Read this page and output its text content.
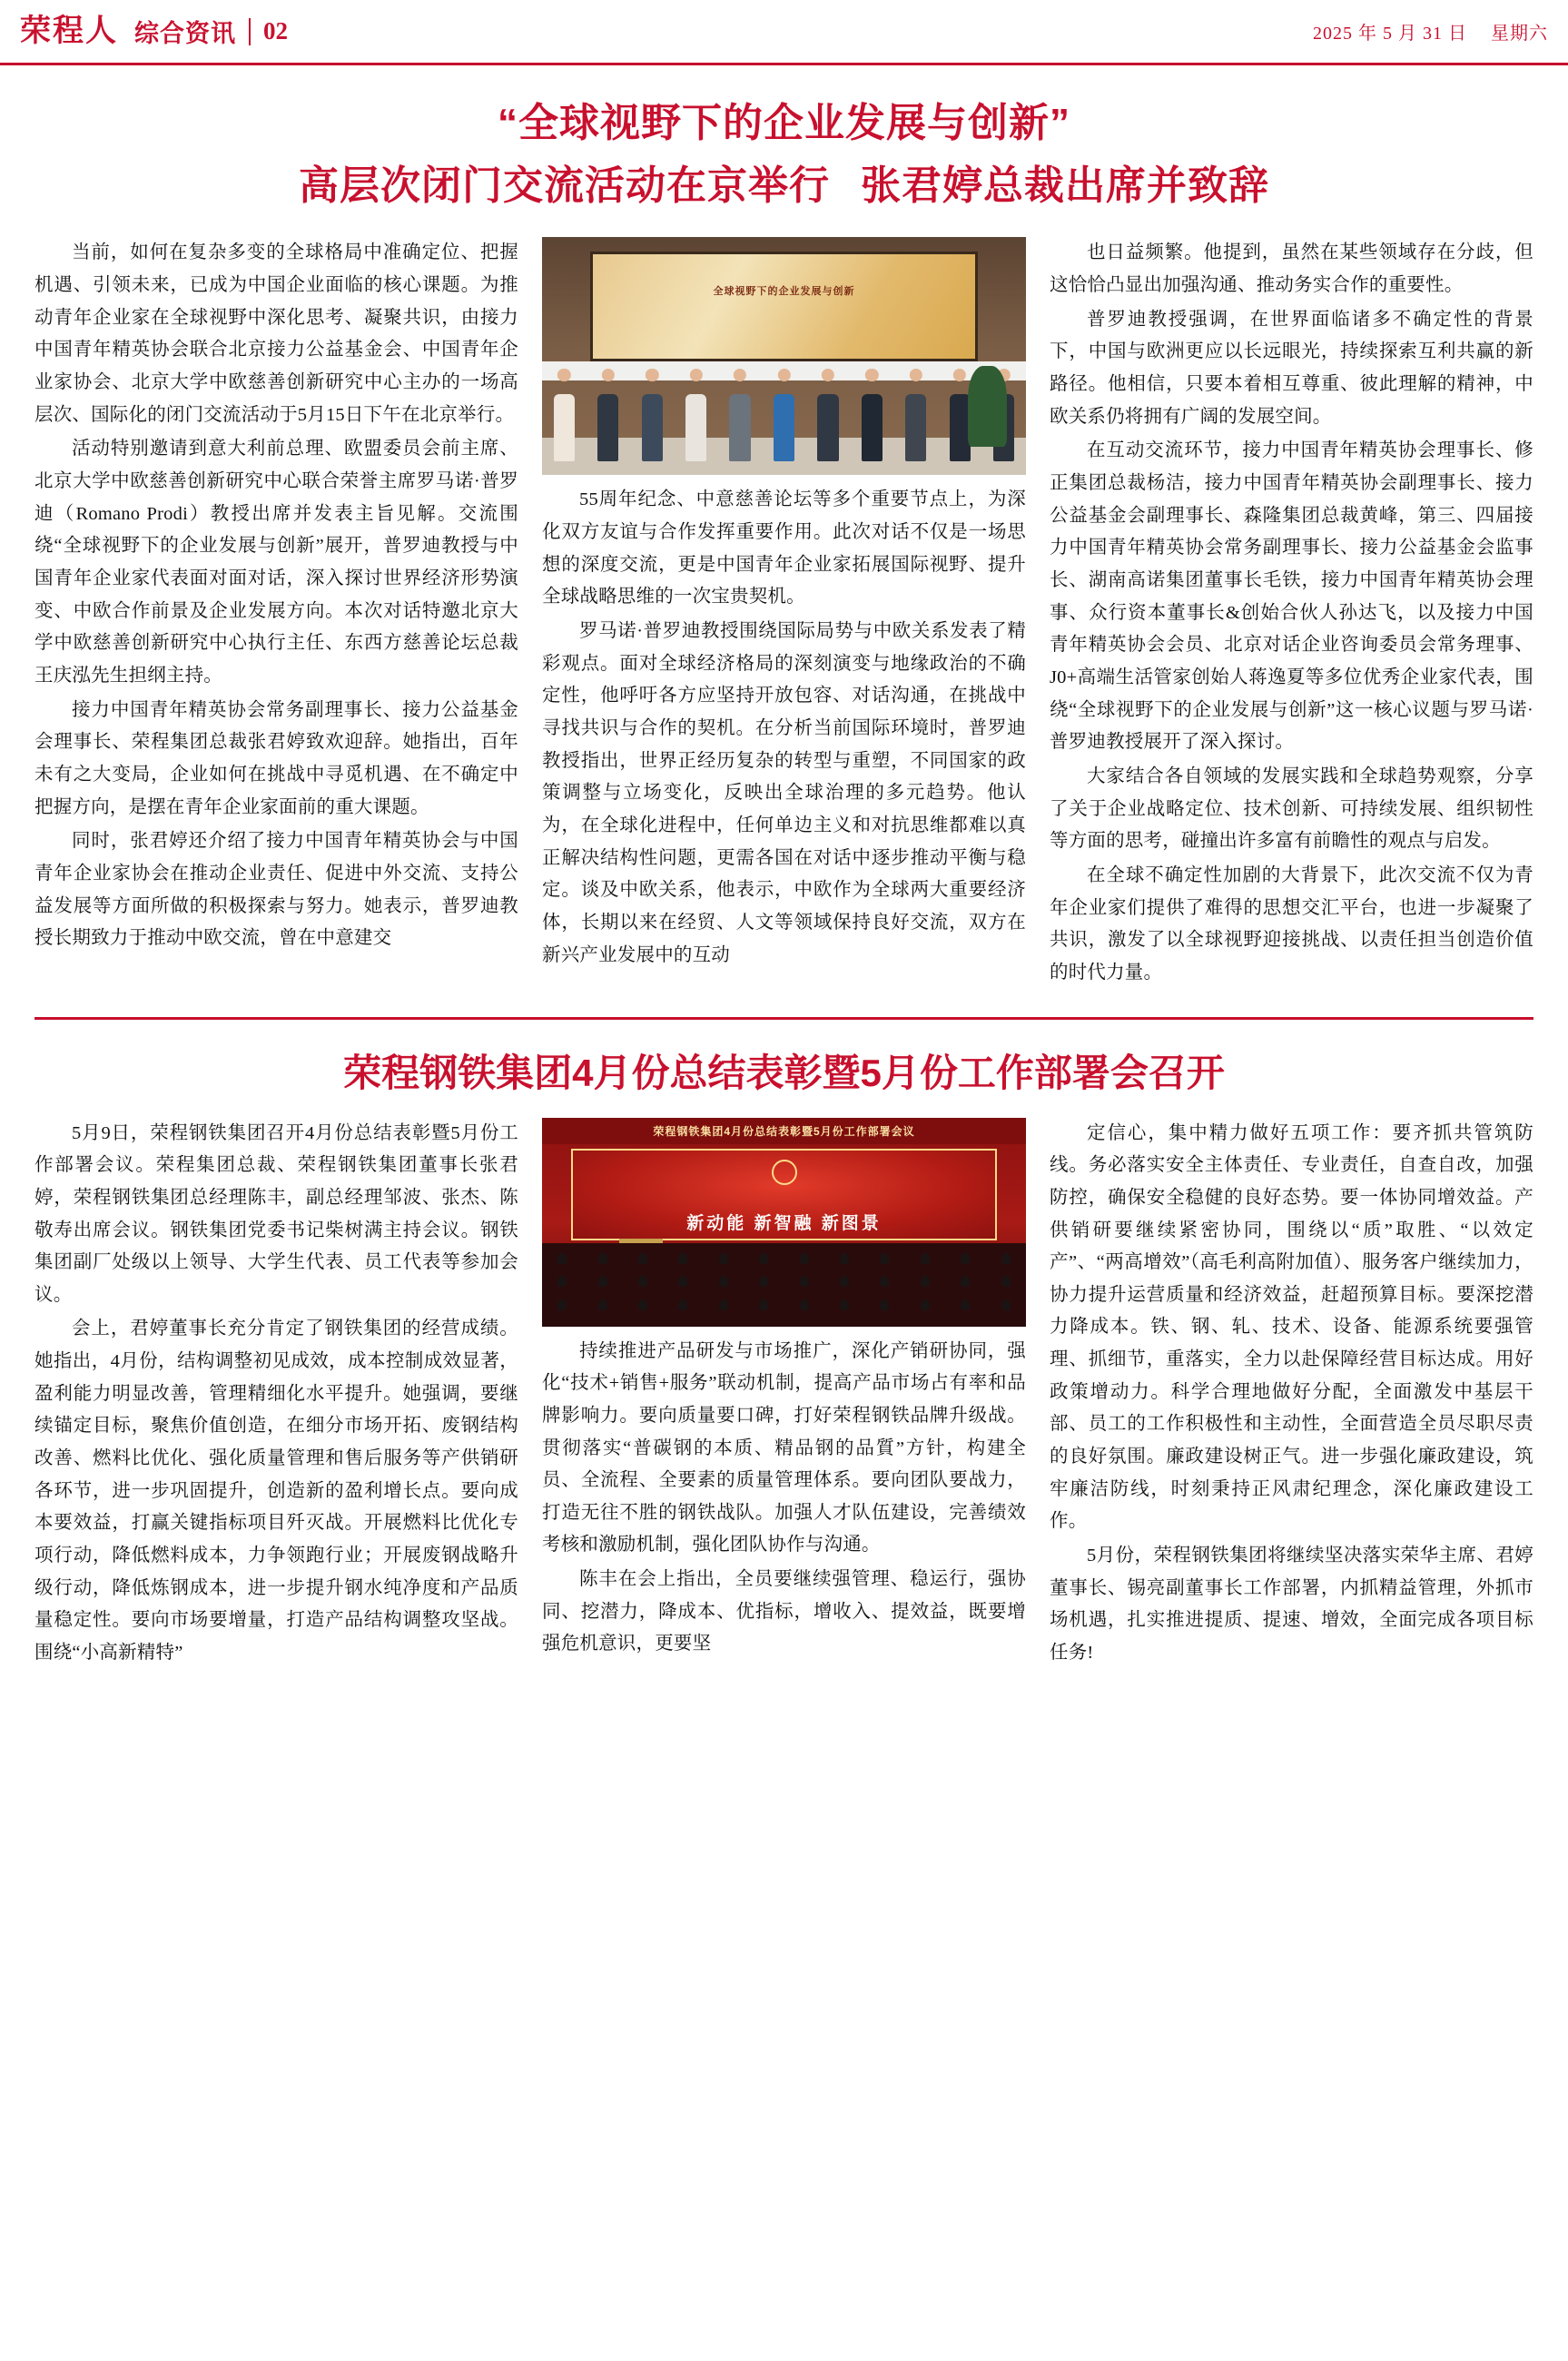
荣程人 综合资讯 02	2025 年 5 月 31 日 星期六
“全球视野下的企业发展与创新”
高层次闭门交流活动在京举行 张君婷总裁出席并致辞

当前，如何在复杂多变的全球格局中准确定位、把握机遇、引领未来，已成为中国企业面临的核心课题。为推动青年企业家在全球视野中深化思考、凝聚共识，由接力中国青年精英协会联合北京接力公益基金会、中国青年企业家协会、北京大学中欧慈善创新研究中心主办的一场高层次、国际化的闭门交流活动于5月15日下午在北京举行。

活动特别邀请到意大利前总理、欧盟委员会前主席、北京大学中欧慈善创新研究中心联合荣誉主席罗马诺·普罗迪（Romano Prodi）教授出席并发表主旨见解。交流围绕“全球视野下的企业发展与创新”展开，普罗迪教授与中国青年企业家代表面对面对话，深入探讨世界经济形势演变、中欧合作前景及企业发展方向。本次对话特邀北京大学中欧慈善创新研究中心执行主任、东西方慈善论坛总裁王庆泓先生担纲主持。

接力中国青年精英协会常务副理事长、接力公益基金会理事长、荣程集团总裁张君婷致欢迎辞。她指出，百年未有之大变局，企业如何在挑战中寻觅机遇、在不确定中把握方向，是摆在青年企业家面前的重大课题。

同时，张君婷还介绍了接力中国青年精英协会与中国青年企业家协会在推动企业责任、促进中外交流、支持公益发展等方面所做的积极探索与努力。她表示，普罗迪教授长期致力于推动中欧交流，曾在中意建交

全球视野下的企业发展与创新

55周年纪念、中意慈善论坛等多个重要节点上，为深化双方友谊与合作发挥重要作用。此次对话不仅是一场思想的深度交流，更是中国青年企业家拓展国际视野、提升全球战略思维的一次宝贵契机。

罗马诺·普罗迪教授围绕国际局势与中欧关系发表了精彩观点。面对全球经济格局的深刻演变与地缘政治的不确定性，他呼吁各方应坚持开放包容、对话沟通，在挑战中寻找共识与合作的契机。在分析当前国际环境时，普罗迪教授指出，世界正经历复杂的转型与重塑，不同国家的政策调整与立场变化，反映出全球治理的多元趋势。他认为，在全球化进程中，任何单边主义和对抗思维都难以真正解决结构性问题，更需各国在对话中逐步推动平衡与稳定。谈及中欧关系，他表示，中欧作为全球两大重要经济体，长期以来在经贸、人文等领域保持良好交流，双方在新兴产业发展中的互动

也日益频繁。他提到，虽然在某些领域存在分歧，但这恰恰凸显出加强沟通、推动务实合作的重要性。

普罗迪教授强调，在世界面临诸多不确定性的背景下，中国与欧洲更应以长远眼光，持续探索互利共赢的新路径。他相信，只要本着相互尊重、彼此理解的精神，中欧关系仍将拥有广阔的发展空间。

在互动交流环节，接力中国青年精英协会理事长、修正集团总裁杨洁，接力中国青年精英协会副理事长、接力公益基金会副理事长、森隆集团总裁黄峰，第三、四届接力中国青年精英协会常务副理事长、接力公益基金会监事长、湖南高诺集团董事长毛铁，接力中国青年精英协会理事、众行资本董事长&创始合伙人孙达飞，以及接力中国青年精英协会会员、北京对话企业咨询委员会常务理事、J0+高端生活管家创始人蒋逸夏等多位优秀企业家代表，围绕“全球视野下的企业发展与创新”这一核心议题与罗马诺·普罗迪教授展开了深入探讨。

大家结合各自领域的发展实践和全球趋势观察，分享了关于企业战略定位、技术创新、可持续发展、组织韧性等方面的思考，碰撞出许多富有前瞻性的观点与启发。

在全球不确定性加剧的大背景下，此次交流不仅为青年企业家们提供了难得的思想交汇平台，也进一步凝聚了共识，激发了以全球视野迎接挑战、以责任担当创造价值的时代力量。

荣程钢铁集团4月份总结表彰暨5月份工作部署会召开

5月9日，荣程钢铁集团召开4月份总结表彰暨5月份工作部署会议。荣程集团总裁、荣程钢铁集团董事长张君婷，荣程钢铁集团总经理陈丰，副总经理邹波、张杰、陈敬寿出席会议。钢铁集团党委书记柴树满主持会议。钢铁集团副厂处级以上领导、大学生代表、员工代表等参加会议。

会上，君婷董事长充分肯定了钢铁集团的经营成绩。她指出，4月份，结构调整初见成效，成本控制成效显著，盈利能力明显改善，管理精细化水平提升。她强调，要继续锚定目标，聚焦价值创造，在细分市场开拓、废钢结构改善、燃料比优化、强化质量管理和售后服务等产供销研各环节，进一步巩固提升，创造新的盈利增长点。要向成本要效益，打赢关键指标项目歼灭战。开展燃料比优化专项行动，降低燃料成本，力争领跑行业；开展废钢战略升级行动，降低炼钢成本，进一步提升钢水纯净度和产品质量稳定性。要向市场要增量，打造产品结构调整攻坚战。围绕“小高新精特”

荣程钢铁集团4月份总结表彰暨5月份工作部署会议
新动能 新智融 新图景

持续推进产品研发与市场推广，深化产销研协同，强化“技术+销售+服务”联动机制，提高产品市场占有率和品牌影响力。要向质量要口碑，打好荣程钢铁品牌升级战。贯彻落实“普碳钢的本质、精品钢的品質”方针，构建全员、全流程、全要素的质量管理体系。要向团队要战力，打造无往不胜的钢铁战队。加强人才队伍建设，完善绩效考核和激励机制，强化团队协作与沟通。

陈丰在会上指出，全员要继续强管理、稳运行，强协同、挖潜力，降成本、优指标，增收入、提效益，既要增强危机意识，更要坚

定信心，集中精力做好五项工作：要齐抓共管筑防线。务必落实安全主体责任、专业责任，自查自改，加强防控，确保安全稳健的良好态势。要一体协同增效益。产供销研要继续紧密协同，围绕以“质”取胜、“以效定产”、“两高增效”（高毛利高附加值）、服务客户继续加力，协力提升运营质量和经济效益，赶超预算目标。要深挖潜力降成本。铁、钢、轧、技术、设备、能源系统要强管理、抓细节，重落实，全力以赴保障经营目标达成。用好政策增动力。科学合理地做好分配，全面激发中基层干部、员工的工作积极性和主动性，全面营造全员尽职尽责的良好氛围。廉政建设树正气。进一步强化廉政建设，筑牢廉洁防线，时刻秉持正风肃纪理念，深化廉政建设工作。

5月份，荣程钢铁集团将继续坚决落实荣华主席、君婷董事长、锡亮副董事长工作部署，内抓精益管理，外抓市场机遇，扎实推进提质、提速、增效，全面完成各项目标任务!
